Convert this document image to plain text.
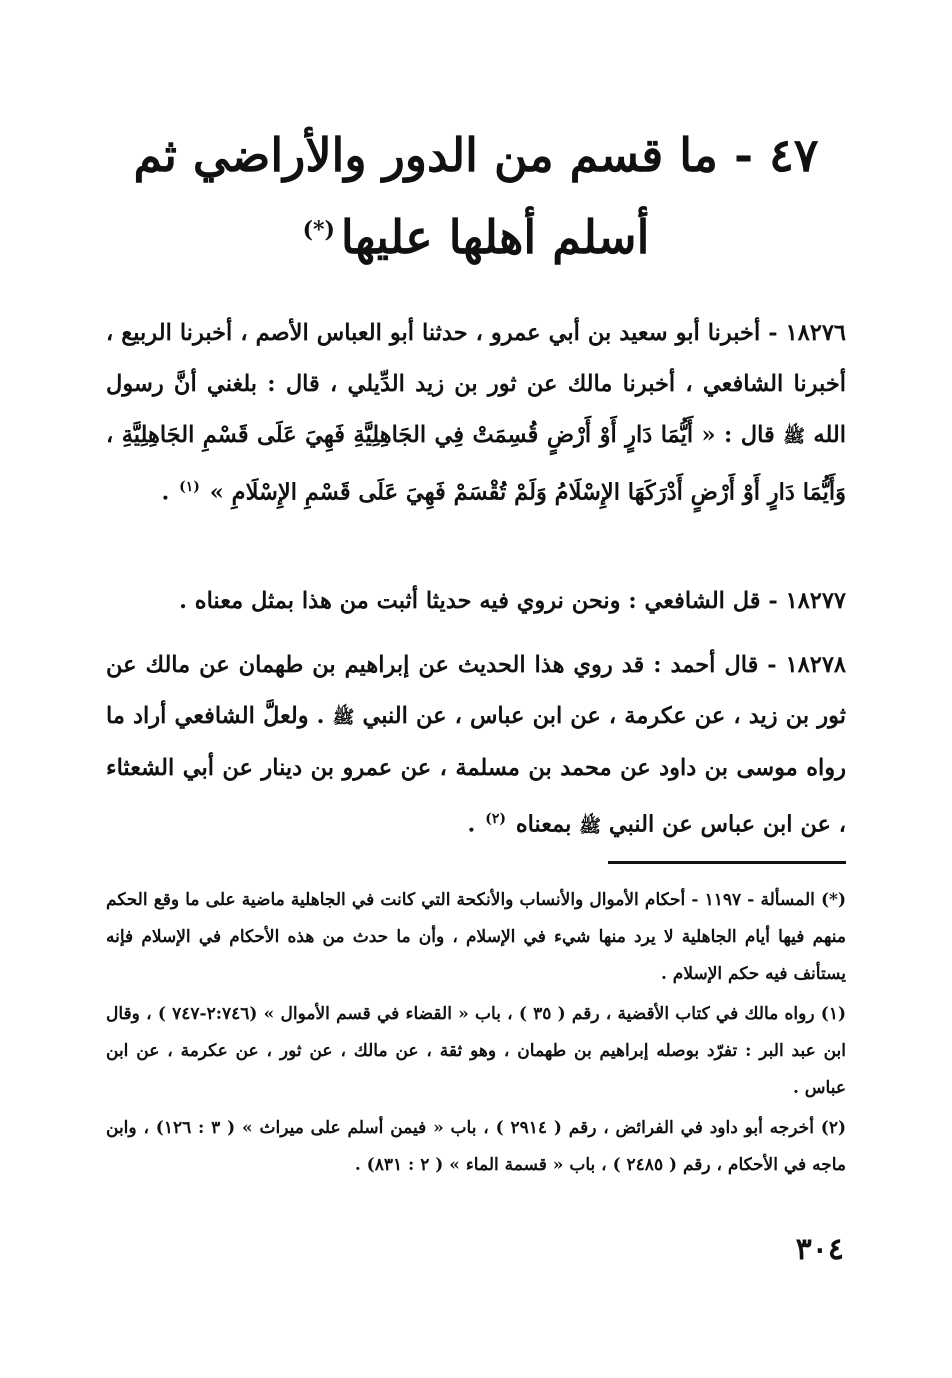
٤٧ - ما قسم من الدور والأراضي ثم
أسلم أهلها عليها(*)

١٨٢٧٦ - أخبرنا أبو سعيد بن أبي عمرو ، حدثنا أبو العباس الأصم ، أخبرنا الربيع ، أخبرنا الشافعي ، أخبرنا مالك عن ثور بن زيد الدِّيلي ، قال : بلغني أنَّ رسول الله ﷺ قال : « أَيُّمَا دَارٍ أَوْ أَرْضٍ قُسِمَتْ فِي الجَاهِلِيَّةِ فَهِيَ عَلَى قَسْمِ الجَاهِلِيَّةِ ، وَأَيُّمَا دَارٍ أَوْ أَرْضٍ أَدْرَكَهَا الإِسْلَامُ وَلَمْ تُقْسَمْ فَهِيَ عَلَى قَسْمِ الإِسْلَامِ » $^{(١)}$ .

١٨٢٧٧ - قل الشافعي : ونحن نروي فيه حديثا أثبت من هذا بمثل معناه .

١٨٢٧٨ - قال أحمد : قد روي هذا الحديث عن إبراهيم بن طهمان عن مالك عن ثور بن زيد ، عن عكرمة ، عن ابن عباس ، عن النبي ﷺ . ولعلَّ الشافعي أراد ما رواه موسى بن داود عن محمد بن مسلمة ، عن عمرو بن دينار عن أبي الشعثاء ، عن ابن عباس عن النبي ﷺ بمعناه $^{(٢)}$ .

(*) المسألة - ١١٩٧ - أحكام الأموال والأنساب والأنكحة التي كانت في الجاهلية ماضية على ما وقع الحكم منهم فيها أيام الجاهلية لا يرد منها شيء في الإسلام ، وأن ما حدث من هذه الأحكام في الإسلام فإنه يستأنف فيه حكم الإسلام .

(١) رواه مالك في كتاب الأقضية ، رقم ( ٣٥ ) ، باب « القضاء في قسم الأموال » (٢:٧٤٦-٧٤٧ ) ، وقال ابن عبد البر : تفرّد بوصله إبراهيم بن طهمان ، وهو ثقة ، عن مالك ، عن ثور ، عن عكرمة ، عن ابن عباس .

(٢) أخرجه أبو داود في الفرائض ، رقم ( ٢٩١٤ ) ، باب « فيمن أسلم على ميراث » ( ٣ : ١٢٦) ، وابن ماجه في الأحكام ، رقم ( ٢٤٨٥ ) ، باب « قسمة الماء » ( ٢ : ٨٣١) .

٣٠٤
